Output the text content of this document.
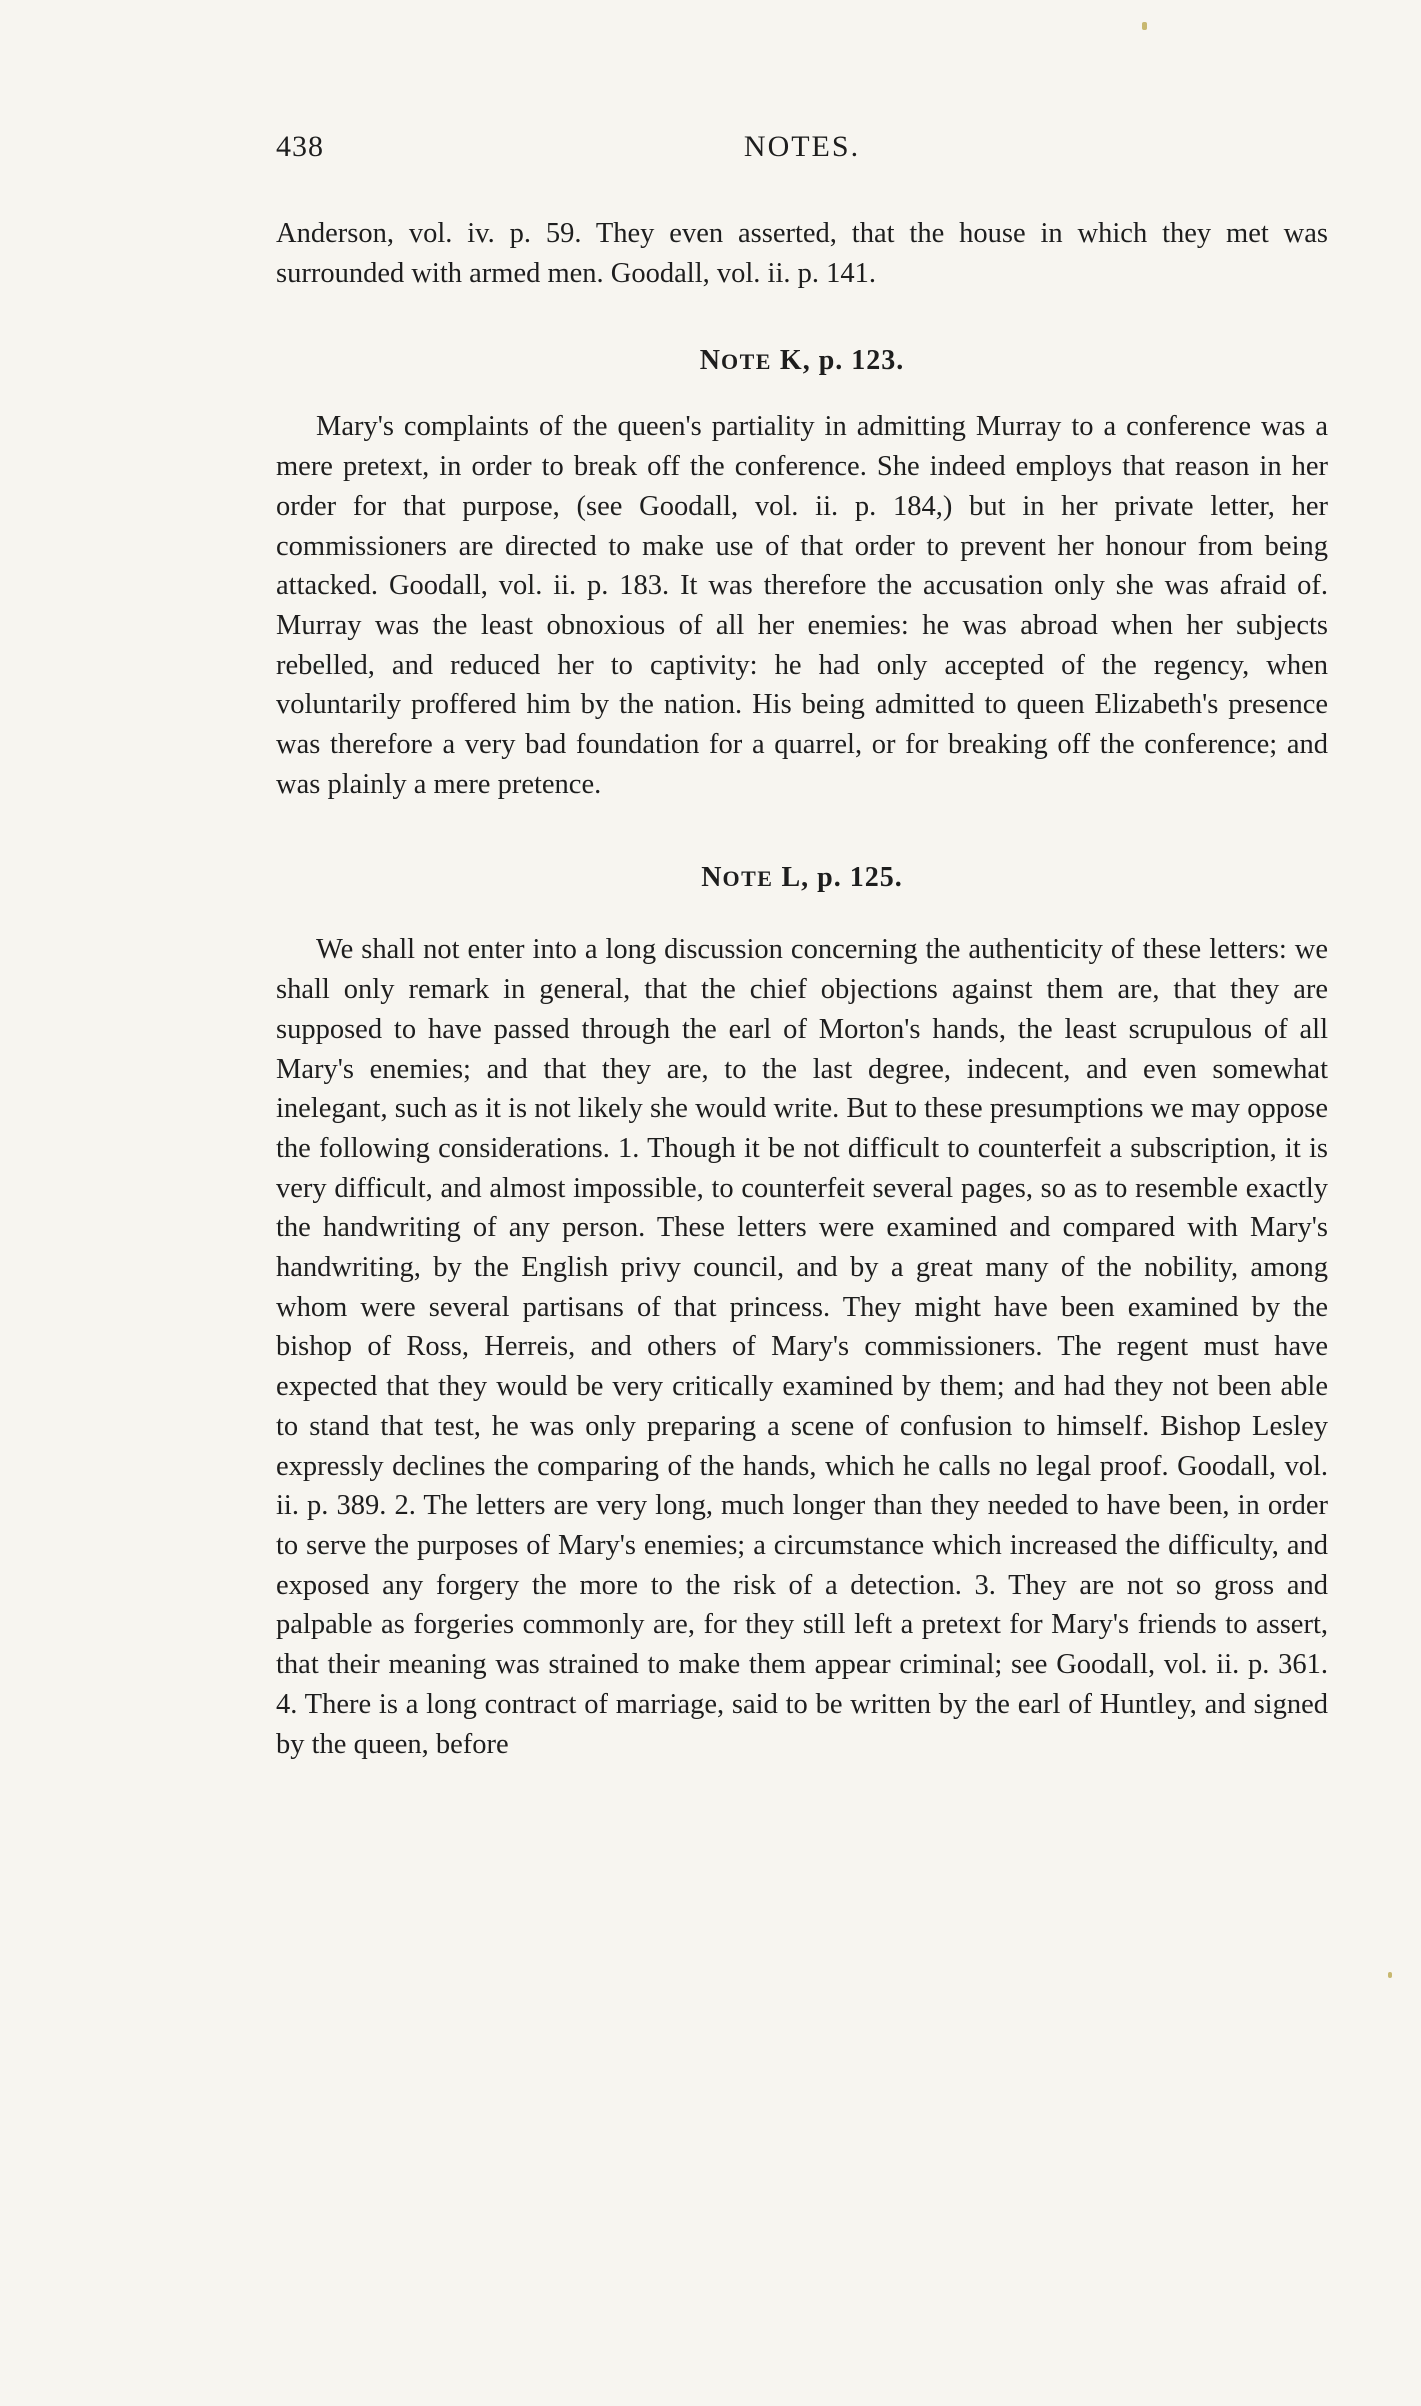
438	NOTES.

Anderson, vol. iv. p. 59. They even asserted, that the house in which they met was surrounded with armed men. Goodall, vol. ii. p. 141.

NOTE K, p. 123.

Mary's complaints of the queen's partiality in admitting Murray to a conference was a mere pretext, in order to break off the conference. She indeed employs that reason in her order for that purpose, (see Goodall, vol. ii. p. 184,) but in her private letter, her commissioners are directed to make use of that order to prevent her honour from being attacked. Goodall, vol. ii. p. 183. It was therefore the accusation only she was afraid of. Murray was the least obnoxious of all her enemies: he was abroad when her subjects rebelled, and reduced her to captivity: he had only accepted of the regency, when voluntarily proffered him by the nation. His being admitted to queen Elizabeth's presence was therefore a very bad foundation for a quarrel, or for breaking off the conference; and was plainly a mere pretence.

NOTE L, p. 125.

We shall not enter into a long discussion concerning the authenticity of these letters: we shall only remark in general, that the chief objections against them are, that they are supposed to have passed through the earl of Morton's hands, the least scrupulous of all Mary's enemies; and that they are, to the last degree, indecent, and even somewhat inelegant, such as it is not likely she would write. But to these presumptions we may oppose the following considerations. 1. Though it be not difficult to counterfeit a subscription, it is very difficult, and almost impossible, to counterfeit several pages, so as to resemble exactly the handwriting of any person. These letters were examined and compared with Mary's handwriting, by the English privy council, and by a great many of the nobility, among whom were several partisans of that princess. They might have been examined by the bishop of Ross, Herreis, and others of Mary's commissioners. The regent must have expected that they would be very critically examined by them; and had they not been able to stand that test, he was only preparing a scene of confusion to himself. Bishop Lesley expressly declines the comparing of the hands, which he calls no legal proof. Goodall, vol. ii. p. 389. 2. The letters are very long, much longer than they needed to have been, in order to serve the purposes of Mary's enemies; a circumstance which increased the difficulty, and exposed any forgery the more to the risk of a detection. 3. They are not so gross and palpable as forgeries commonly are, for they still left a pretext for Mary's friends to assert, that their meaning was strained to make them appear criminal; see Goodall, vol. ii. p. 361. 4. There is a long contract of marriage, said to be written by the earl of Huntley, and signed by the queen, before
